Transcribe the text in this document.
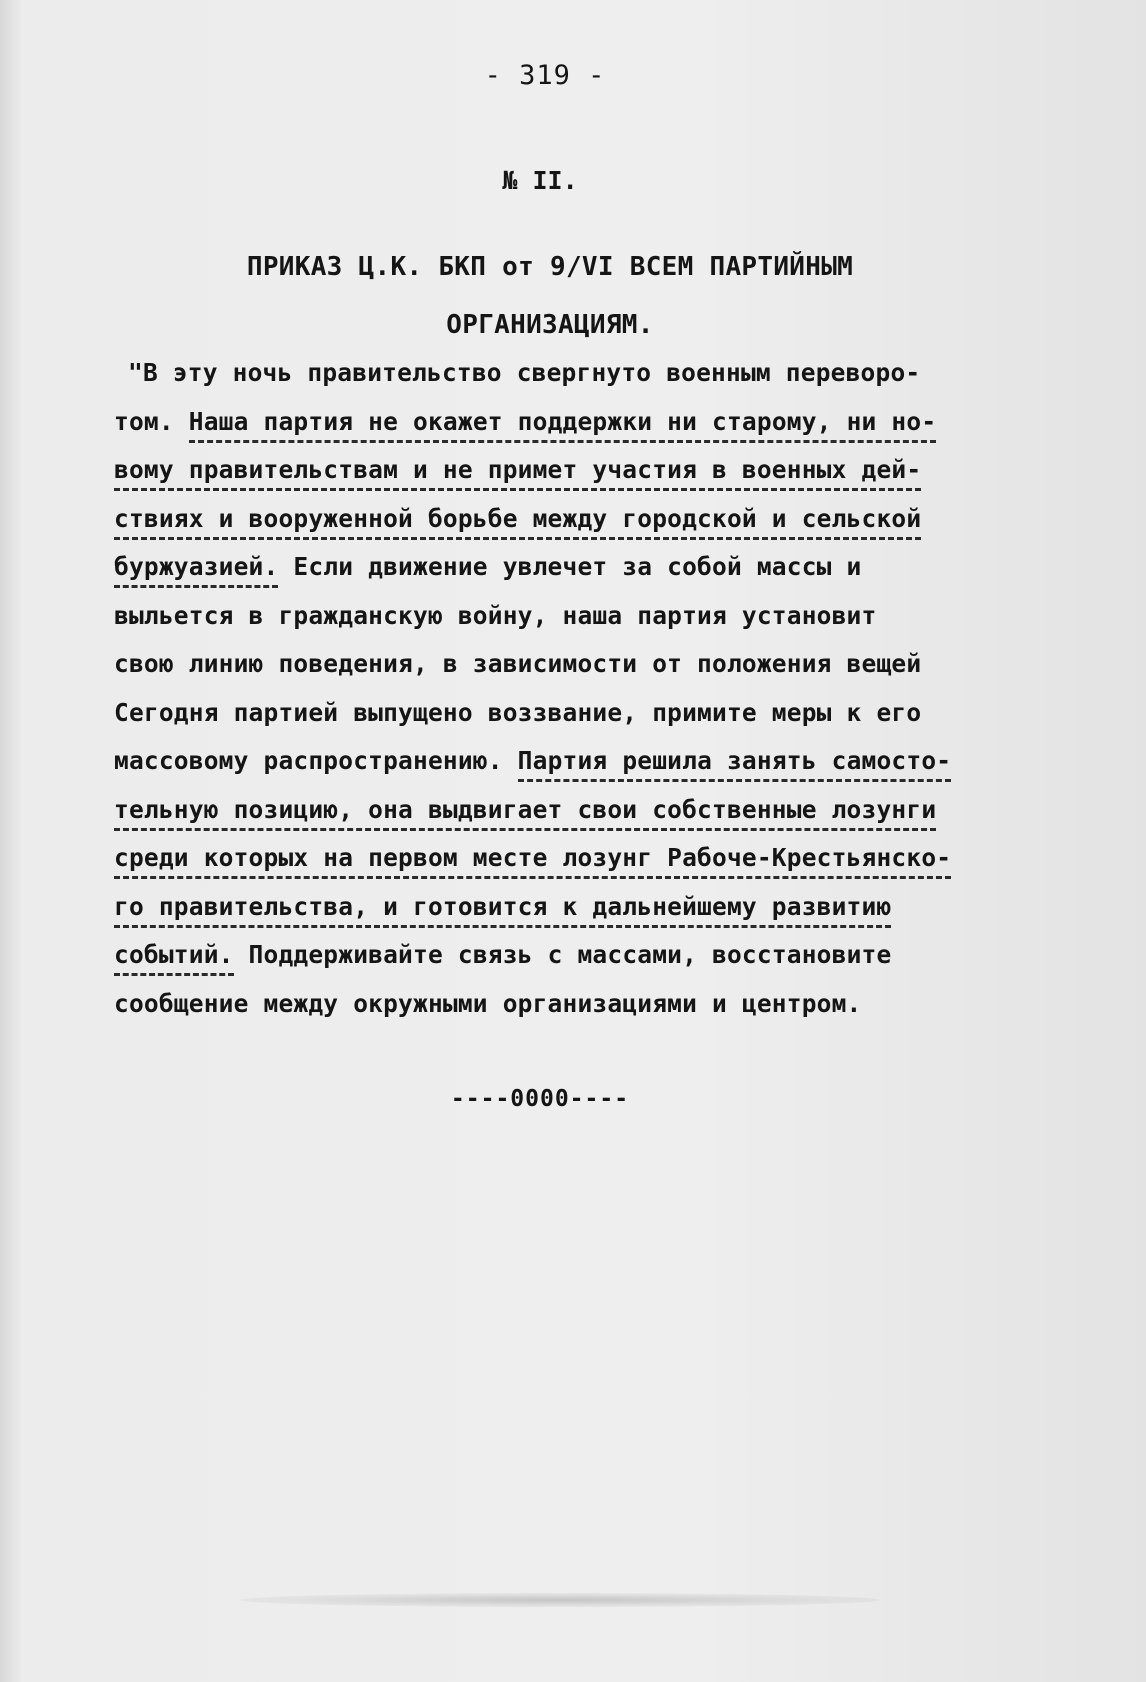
- 319 -
№ II.
ПРИКАЗ Ц.К. БКП от 9/VI ВСЕМ ПАРТИЙНЫМ
ОРГАНИЗАЦИЯМ.
"В эту ночь правительство свергнуто военным переворо-
том. Наша партия не окажет поддержки ни старому, ни но-
вому правительствам и не примет участия в военных дей-
ствиях и вооруженной борьбе между городской и сельской
буржуазией. Если движение увлечет за собой массы и
выльется в гражданскую войну, наша партия установит
свою линию поведения, в зависимости от положения вещей
Сегодня партией выпущено воззвание, примите меры к его
массовому распространению. Партия решила занять самосто-
тельную позицию, она выдвигает свои собственные лозунги
среди которых на первом месте лозунг Рабоче-Крестьянско-
го правительства, и готовится к дальнейшему развитию
событий. Поддерживайте связь с массами, восстановите
сообщение между окружными организациями и центром.
----0000----
